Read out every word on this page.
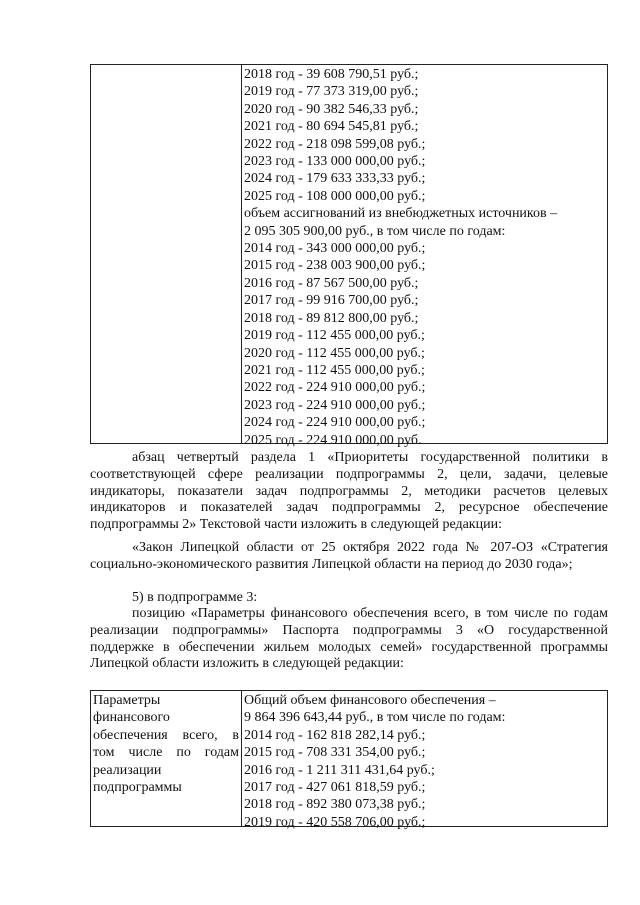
2018 год - 39 608 790,51 руб.;
2019 год - 77 373 319,00 руб.;
2020 год - 90 382 546,33 руб.;
2021 год - 80 694 545,81 руб.;
2022 год - 218 098 599,08 руб.;
2023 год - 133 000 000,00 руб.;
2024 год - 179 633 333,33 руб.;
2025 год - 108 000 000,00 руб.;
объем ассигнований из внебюджетных источников –
2 095 305 900,00 руб., в том числе по годам:
2014 год - 343 000 000,00 руб.;
2015 год - 238 003 900,00 руб.;
2016 год - 87 567 500,00 руб.;
2017 год - 99 916 700,00 руб.;
2018 год - 89 812 800,00 руб.;
2019 год - 112 455 000,00 руб.;
2020 год - 112 455 000,00 руб.;
2021 год - 112 455 000,00 руб.;
2022 год - 224 910 000,00 руб.;
2023 год - 224 910 000,00 руб.;
2024 год - 224 910 000,00 руб.;
2025 год - 224 910 000,00 руб.

абзац четвертый раздела 1 «Приоритеты государственной политики в соответствующей сфере реализации подпрограммы 2, цели, задачи, целевые индикаторы, показатели задач подпрограммы 2, методики расчетов целевых индикаторов и показателей задач подпрограммы 2, ресурсное обеспечение подпрограммы 2» Текстовой части изложить в следующей редакции:

«Закон Липецкой области от 25 октября 2022 года № 207-ОЗ «Стратегия социально-экономического развития Липецкой области на период до 2030 года»;

5) в подпрограмме 3:

позицию «Параметры финансового обеспечения всего, в том числе по годам реализации подпрограммы» Паспорта подпрограммы 3 «О государственной поддержке в обеспечении жильем молодых семей» государственной программы Липецкой области изложить в следующей редакции:

Параметры
финансового
обеспечения всего, в
том числе по годам
реализации
подпрограммы
Общий объем финансового обеспечения –
9 864 396 643,44 руб., в том числе по годам:
2014 год - 162 818 282,14 руб.;
2015 год - 708 331 354,00 руб.;
2016 год - 1 211 311 431,64 руб.;
2017 год - 427 061 818,59 руб.;
2018 год - 892 380 073,38 руб.;
2019 год - 420 558 706,00 руб.;
